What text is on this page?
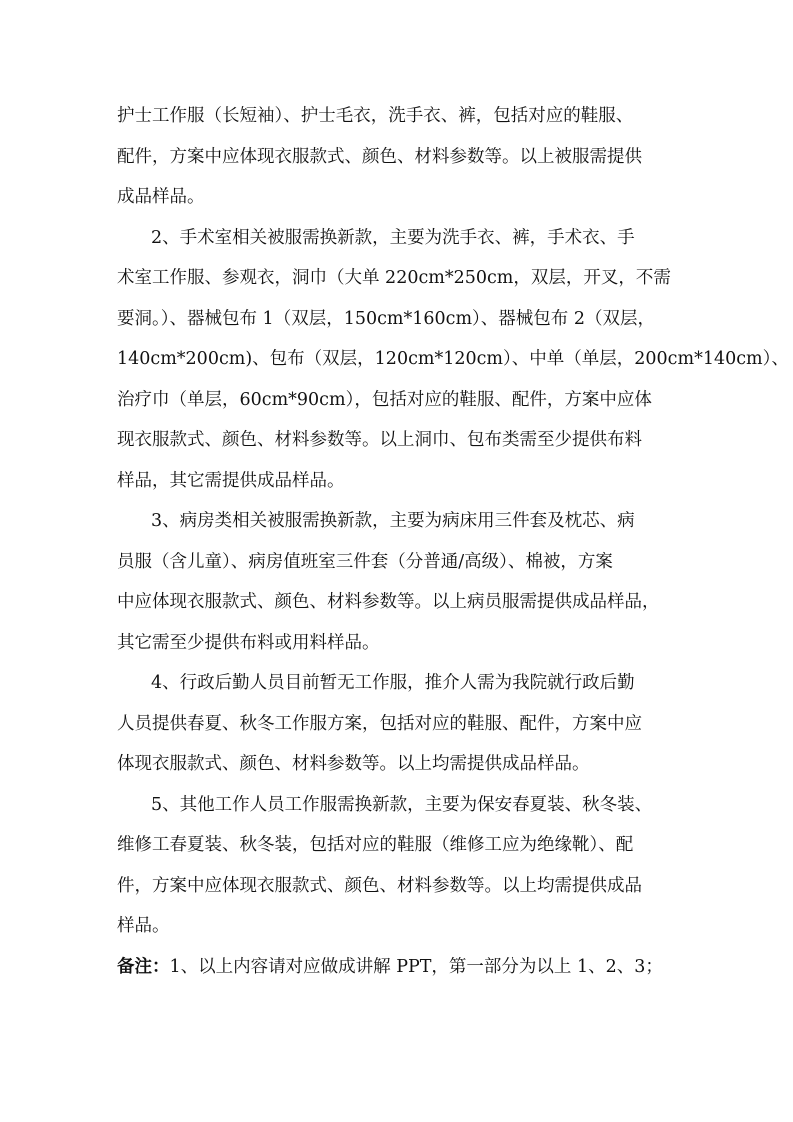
护士工作服（长短袖）、护士毛衣，洗手衣、裤，包括对应的鞋服、
配件，方案中应体现衣服款式、颜色、材料参数等。以上被服需提供
成品样品。
2、手术室相关被服需换新款，主要为洗手衣、裤，手术衣、手
术室工作服、参观衣，洞巾（大单 220cm*250cm，双层，开叉，不需
要洞。）、器械包布 1（双层，150cm*160cm）、器械包布 2（双层，
140cm*200cm)、包布（双层，120cm*120cm）、中单（单层，200cm*140cm）、
治疗巾（单层，60cm*90cm），包括对应的鞋服、配件，方案中应体
现衣服款式、颜色、材料参数等。以上洞巾、包布类需至少提供布料
样品，其它需提供成品样品。
3、病房类相关被服需换新款，主要为病床用三件套及枕芯、病
员服（含儿童）、病房值班室三件套（分普通/高级）、棉被，方案
中应体现衣服款式、颜色、材料参数等。以上病员服需提供成品样品，
其它需至少提供布料或用料样品。
4、行政后勤人员目前暂无工作服，推介人需为我院就行政后勤
人员提供春夏、秋冬工作服方案，包括对应的鞋服、配件，方案中应
体现衣服款式、颜色、材料参数等。以上均需提供成品样品。
5、其他工作人员工作服需换新款，主要为保安春夏装、秋冬装、
维修工春夏装、秋冬装，包括对应的鞋服（维修工应为绝缘靴）、配
件，方案中应体现衣服款式、颜色、材料参数等。以上均需提供成品
样品。
备注：1、以上内容请对应做成讲解 PPT，第一部分为以上 1、2、3；
